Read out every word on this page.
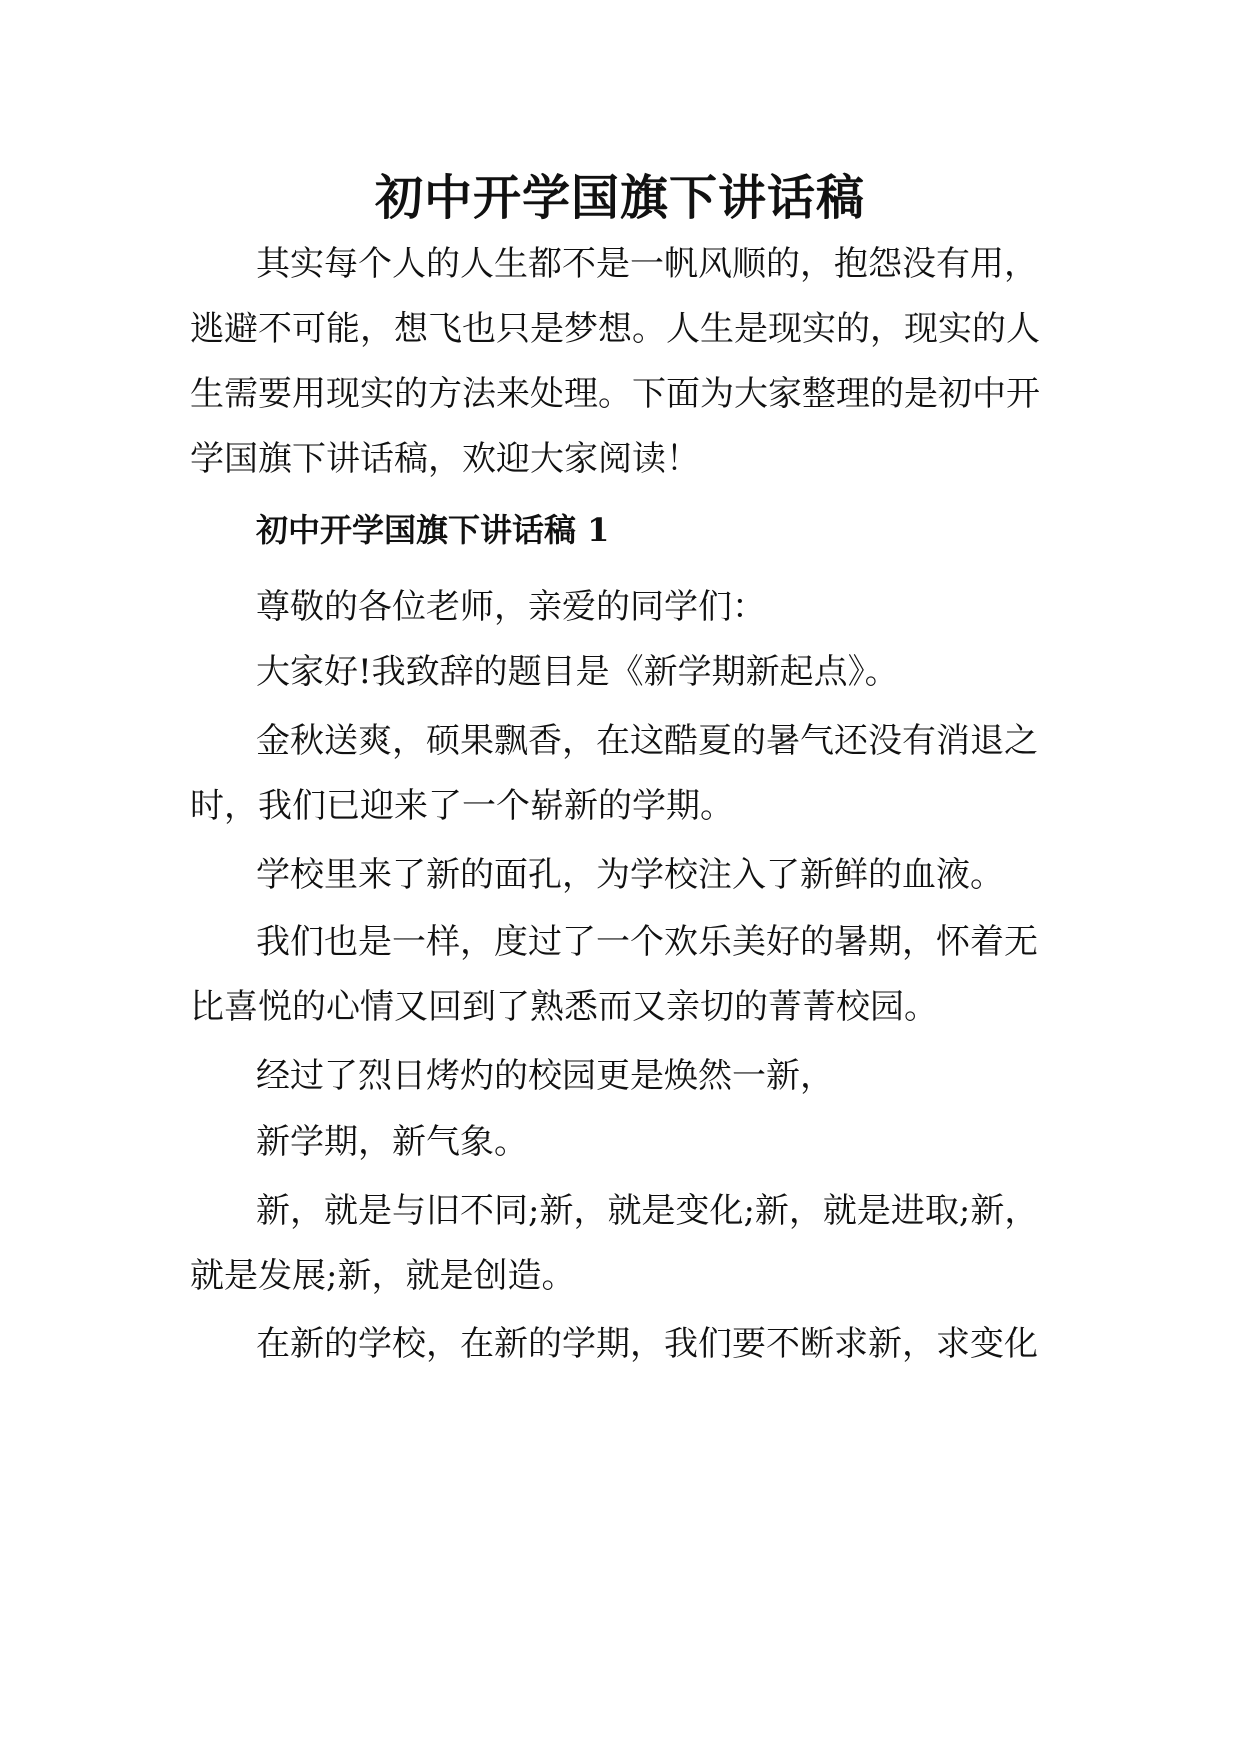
初中开学国旗下讲话稿
其实每个人的人生都不是一帆风顺的，抱怨没有用，
逃避不可能，想飞也只是梦想。人生是现实的，现实的人
生需要用现实的方法来处理。下面为大家整理的是初中开
学国旗下讲话稿，欢迎大家阅读！
初中开学国旗下讲话稿 1
尊敬的各位老师，亲爱的同学们：
大家好!我致辞的题目是《新学期新起点》。
金秋送爽，硕果飘香，在这酷夏的暑气还没有消退之
时，我们已迎来了一个崭新的学期。
学校里来了新的面孔，为学校注入了新鲜的血液。
我们也是一样，度过了一个欢乐美好的暑期，怀着无
比喜悦的心情又回到了熟悉而又亲切的菁菁校园。
经过了烈日烤灼的校园更是焕然一新，
新学期，新气象。
新，就是与旧不同;新，就是变化;新，就是进取;新，
就是发展;新，就是创造。
在新的学校，在新的学期，我们要不断求新，求变化
